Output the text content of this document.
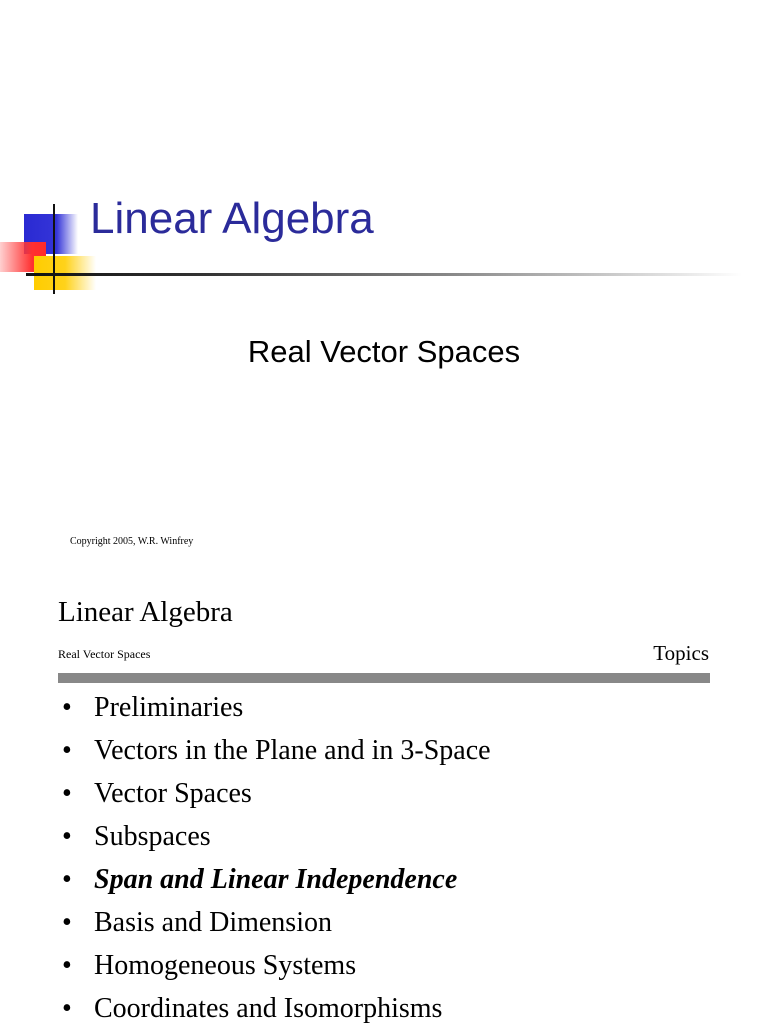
Linear Algebra
Real Vector Spaces
Copyright 2005, W.R. Winfrey
Linear Algebra
Real Vector Spaces	Topics
• Preliminaries
• Vectors in the Plane and in 3-Space
• Vector Spaces
• Subspaces
• Span and Linear Independence
• Basis and Dimension
• Homogeneous Systems
• Coordinates and Isomorphisms
